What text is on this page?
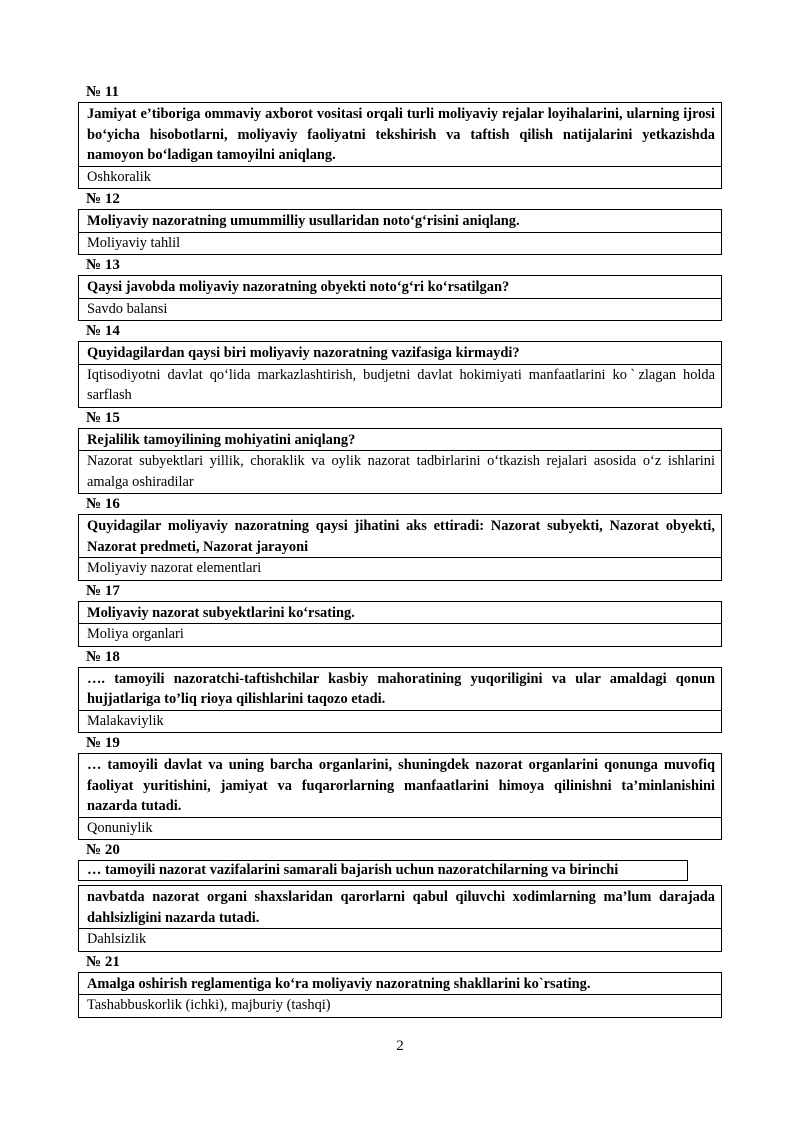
№ 11
Jamiyat e’tiboriga ommaviy axborot vositasi orqali turli moliyaviy rejalar loyihalarini, ularning ijrosi bo‘yicha hisobotlarni, moliyaviy faoliyatni tekshirish va taftish qilish natijalarini yetkazishda namoyon bo‘ladigan tamoyilni aniqlang.
Oshkoralik
№ 12
Moliyaviy nazoratning umummilliy usullaridan noto‘g‘risini aniqlang.
Moliyaviy tahlil
№ 13
Qaysi javobda moliyaviy nazoratning obyekti noto‘g‘ri ko‘rsatilgan?
Savdo balansi
№ 14
Quyidagilardan qaysi biri moliyaviy nazoratning vazifasiga kirmaydi?
Iqtisodiyotni davlat qo‘lida markazlashtirish, budjetni davlat hokimiyati manfaatlarini koˋzlagan holda sarflash
№ 15
Rejalilik tamoyilining mohiyatini aniqlang?
Nazorat subyektlari yillik, choraklik va oylik nazorat tadbirlarini o‘tkazish rejalari asosida o‘z ishlarini amalga oshiradilar
№ 16
Quyidagilar moliyaviy nazoratning qaysi jihatini aks ettiradi: Nazorat subyekti, Nazorat obyekti, Nazorat predmeti, Nazorat jarayoni
Moliyaviy nazorat elementlari
№ 17
Moliyaviy nazorat subyektlarini ko‘rsating.
Moliya organlari
№ 18
…. tamoyili nazoratchi-taftishchilar kasbiy mahoratining yuqoriligini va ular amaldagi qonun hujjatlariga to’liq rioya qilishlarini taqozo etadi.
Malakaviylik
№ 19
… tamoyili davlat va uning barcha organlarini, shuningdek nazorat organlarini qonunga muvofiq faoliyat yuritishini, jamiyat va fuqarorlarning manfaatlarini himoya qilinishni ta’minlanishini nazarda tutadi.
Qonuniylik
№ 20
… tamoyili nazorat vazifalarini samarali bajarish uchun nazoratchilarning va birinchi
navbatda nazorat organi shaxslaridan qarorlarni qabul qiluvchi xodimlarning ma’lum darajada dahlsizligini nazarda tutadi.
Dahlsizlik
№ 21
Amalga oshirish reglamentiga ko‘ra moliyaviy nazoratning shakllarini koˋrsating.
Tashabbuskorlik (ichki), majburiy (tashqi)
2
